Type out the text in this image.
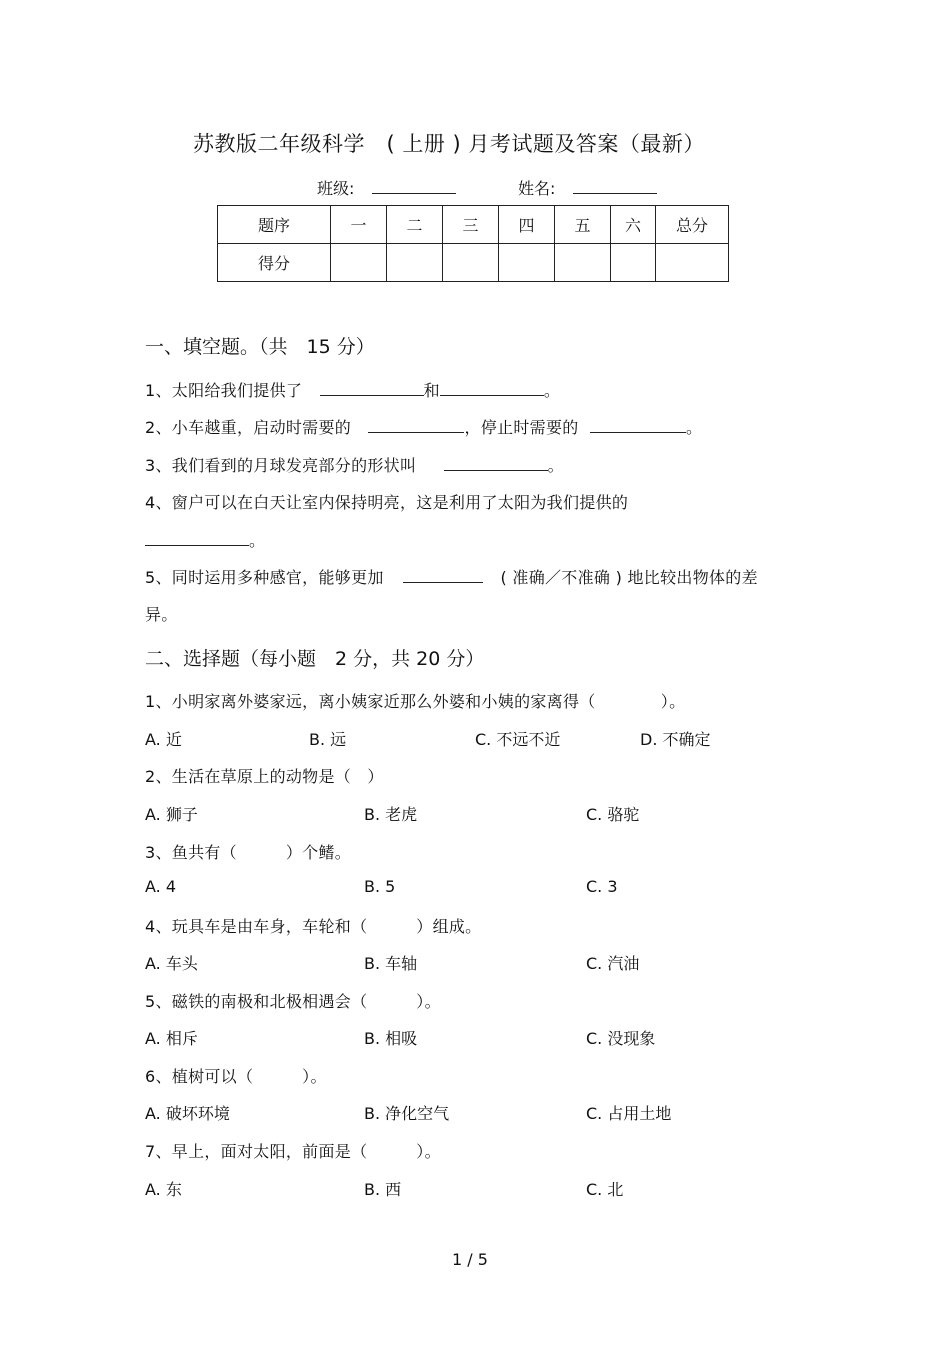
苏教版二年级科学　( 上册 ) 月考试题及答案（最新）
班级:	姓名:
题序	一	二	三	四	五	六	总分
得分							
一、填空题。（共　15 分）
1、太阳给我们提供了	和	。
2、小车越重，启动时需要的	，停止时需要的	。
3、我们看到的月球发亮部分的形状叫	。
4、窗户可以在白天让室内保持明亮，这是利用了太阳为我们提供的
。
5、同时运用多种感官，能够更加	( 准确／不准确 ) 地比较出物体的差
异。
二、选择题（每小题　2 分，共 20 分）
1、小明家离外婆家远，离小姨家近那么外婆和小姨的家离得（　　　　）。
A. 近	B. 远	C. 不远不近	D. 不确定
2、生活在草原上的动物是（　）
A. 狮子	B. 老虎	C. 骆驼
3、鱼共有（　　　）个鳍。
A. 4	B. 5	C. 3
4、玩具车是由车身，车轮和（　　　）组成。
A. 车头	B. 车轴	C. 汽油
5、磁铁的南极和北极相遇会（　　　）。
A. 相斥	B. 相吸	C. 没现象
6、植树可以（　　　）。
A. 破坏环境	B. 净化空气	C. 占用土地
7、早上，面对太阳，前面是（　　　）。
A. 东	B. 西	C. 北
1 / 5
